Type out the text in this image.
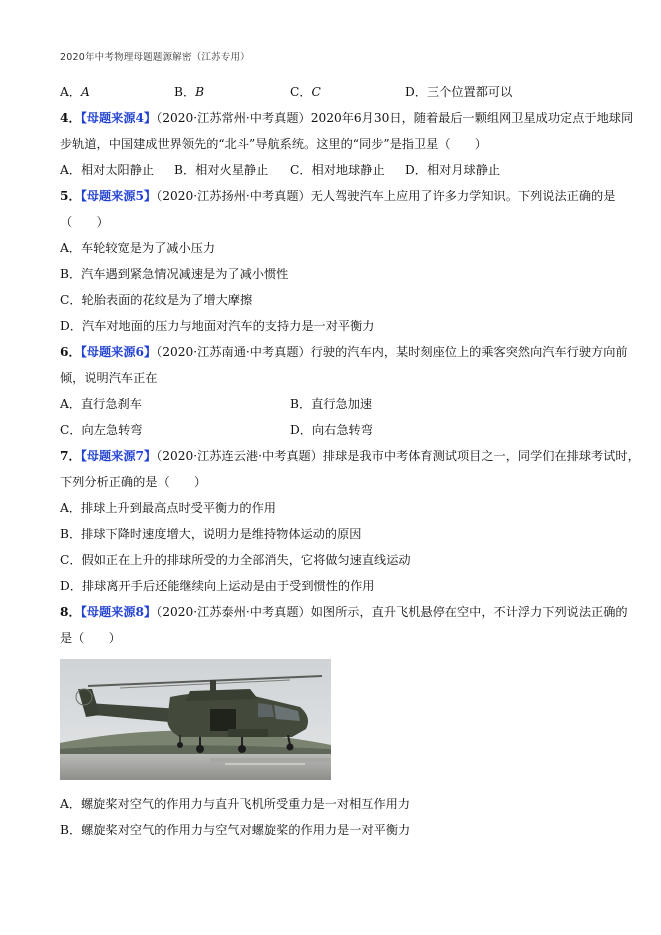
2020年中考物理母题题源解密（江苏专用）
A．A	B．B	C．C	D．三个位置都可以
4．【母题来源4】（2020·江苏常州·中考真题）2020年6月30日，随着最后一颗组网卫星成功定点于地球同
步轨道，中国建成世界领先的“北斗”导航系统。这里的“同步”是指卫星（　　）
A．相对太阳静止 B．相对火星静止 C．相对地球静止 D．相对月球静止
5．【母题来源5】（2020·江苏扬州·中考真题）无人驾驶汽车上应用了许多力学知识。下列说法正确的是
（　　）
A．车轮较宽是为了减小压力
B．汽车遇到紧急情况减速是为了减小惯性
C．轮胎表面的花纹是为了增大摩擦
D．汽车对地面的压力与地面对汽车的支持力是一对平衡力
6．【母题来源6】（2020·江苏南通·中考真题）行驶的汽车内，某时刻座位上的乘客突然向汽车行驶方向前
倾，说明汽车正在
A．直行急刹车	B．直行急加速
C．向左急转弯	D．向右急转弯
7．【母题来源7】（2020·江苏连云港·中考真题）排球是我市中考体育测试项目之一，同学们在排球考试时，
下列分析正确的是（　　）
A．排球上升到最高点时受平衡力的作用
B．排球下降时速度增大，说明力是维持物体运动的原因
C．假如正在上升的排球所受的力全部消失，它将做匀速直线运动
D．排球离开手后还能继续向上运动是由于受到惯性的作用
8．【母题来源8】（2020·江苏泰州·中考真题）如图所示，直升飞机悬停在空中，不计浮力下列说法正确的
是（　　）
A．螺旋桨对空气的作用力与直升飞机所受重力是一对相互作用力
B．螺旋桨对空气的作用力与空气对螺旋桨的作用力是一对平衡力
